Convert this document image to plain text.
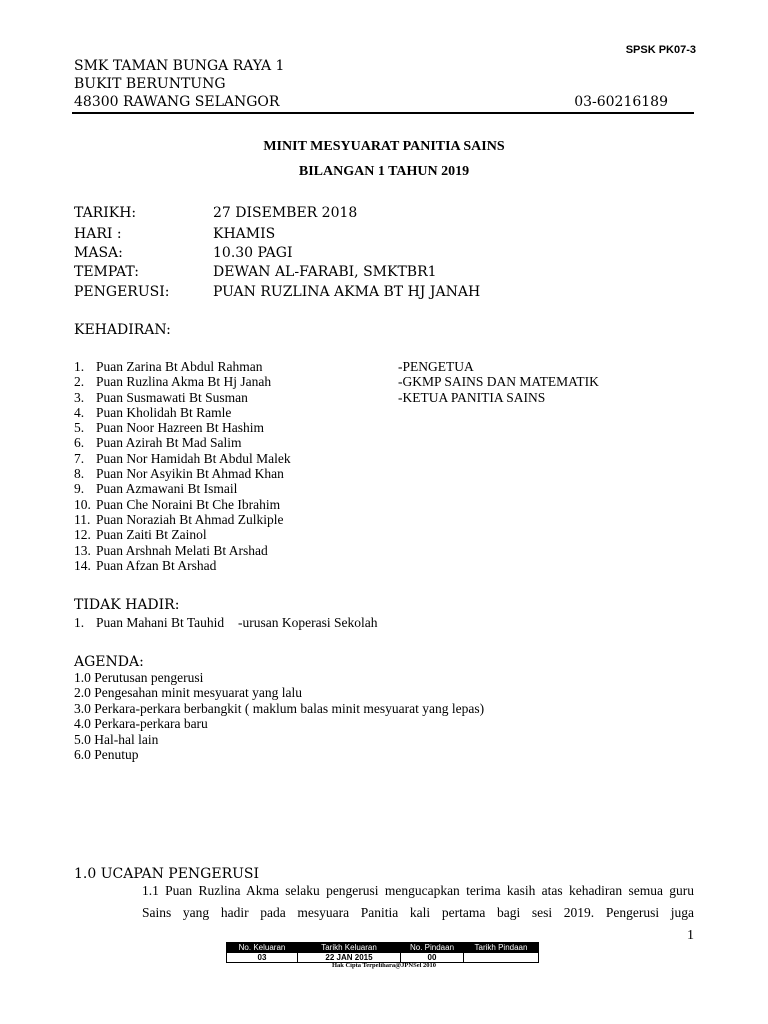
SPSK PK07-3
SMK TAMAN BUNGA RAYA 1
BUKIT BERUNTUNG
48300 RAWANG SELANGOR	03-60216189
MINIT MESYUARAT PANITIA SAINS
BILANGAN 1 TAHUN 2019
TARIKH:	27 DISEMBER 2018
HARI :	KHAMIS
MASA:	10.30 PAGI
TEMPAT:	DEWAN AL-FARABI, SMKTBR1
PENGERUSI:	PUAN RUZLINA AKMA BT HJ JANAH
KEHADIRAN:
1. Puan Zarina Bt Abdul Rahman	-PENGETUA
2. Puan Ruzlina Akma Bt Hj Janah	-GKMP SAINS DAN MATEMATIK
3. Puan Susmawati Bt Susman	-KETUA PANITIA SAINS
4. Puan Kholidah Bt Ramle
5. Puan Noor Hazreen Bt Hashim
6. Puan Azirah Bt Mad Salim
7. Puan Nor Hamidah Bt Abdul Malek
8. Puan Nor Asyikin Bt Ahmad Khan
9. Puan Azmawani Bt Ismail
10. Puan Che Noraini Bt Che Ibrahim
11. Puan Noraziah Bt Ahmad Zulkiple
12. Puan Zaiti Bt Zainol
13. Puan Arshnah Melati Bt Arshad
14. Puan Afzan Bt Arshad
TIDAK HADIR:
1. Puan Mahani Bt Tauhid -urusan Koperasi Sekolah
AGENDA:
1.0 Perutusan pengerusi
2.0 Pengesahan minit mesyuarat yang lalu
3.0 Perkara-perkara berbangkit ( maklum balas minit mesyuarat yang lepas)
4.0 Perkara-perkara baru
5.0 Hal-hal lain
6.0 Penutup
1.0 UCAPAN PENGERUSI
1.1 Puan Ruzlina Akma selaku pengerusi mengucapkan terima kasih atas kehadiran semua guru
Sains yang hadir pada mesyuara Panitia kali pertama bagi sesi 2019. Pengerusi juga
1
No. Keluaran	Tarikh Keluaran	No. Pindaan	Tarikh Pindaan
03	22 JAN 2015	00	
Hak Cipta Terpelihara@JPNSel 2010
